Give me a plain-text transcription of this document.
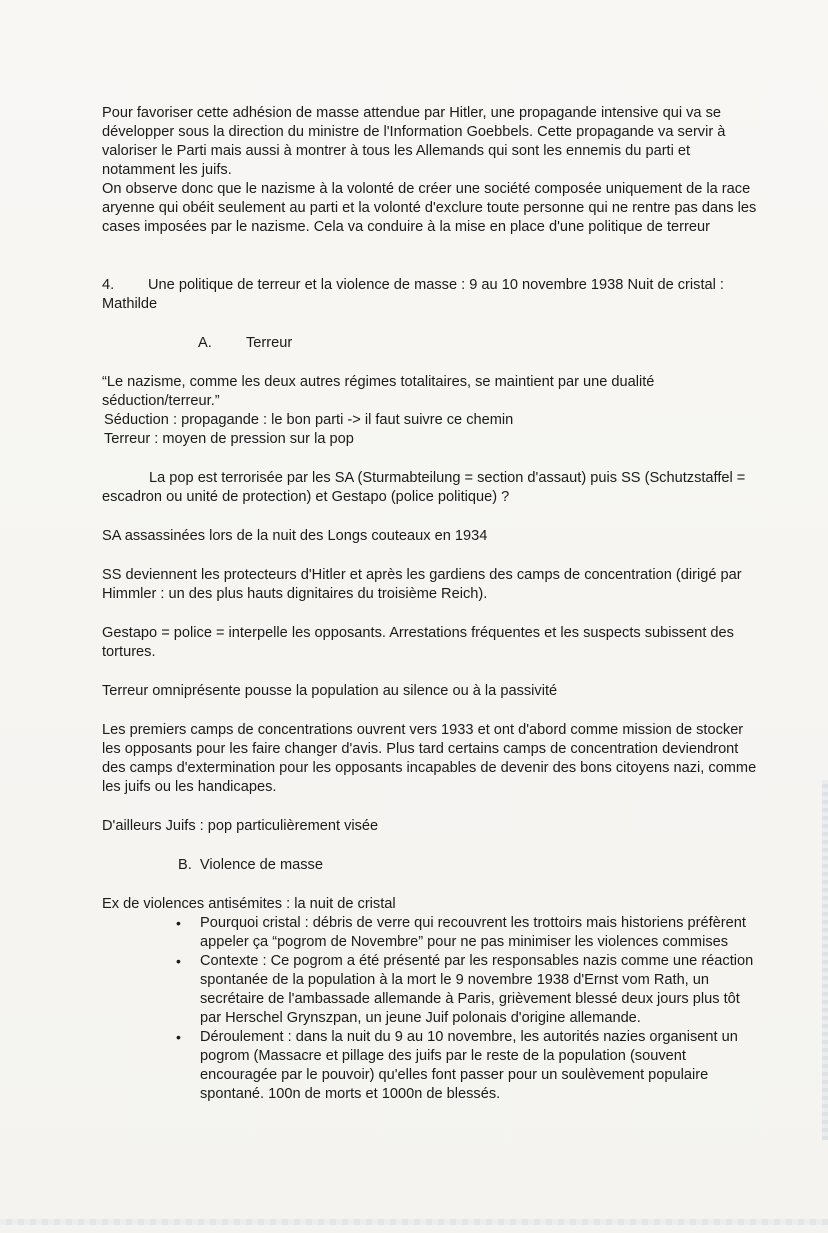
Pour favoriser cette adhésion de masse attendue par Hitler, une propagande intensive qui va se développer sous la direction du ministre de l'Information Goebbels. Cette propagande va servir à valoriser le Parti mais aussi à montrer à tous les Allemands qui sont les ennemis du parti et notamment les juifs.

On observe donc que le nazisme à la volonté de créer une société composée uniquement de la race aryenne qui obéit seulement au parti et la volonté d'exclure toute personne qui ne rentre pas dans les cases imposées par le nazisme. Cela va conduire à la mise en place d'une politique de terreur

4. Une politique de terreur et la violence de masse : 9 au 10 novembre 1938 Nuit de cristal : Mathilde

A. Terreur

“Le nazisme, comme les deux autres régimes totalitaires, se maintient par une dualité séduction/terreur.”

Séduction : propagande : le bon parti -> il faut suivre ce chemin

Terreur : moyen de pression sur la pop

La pop est terrorisée par les SA (Sturmabteilung = section d'assaut) puis SS (Schutzstaffel = escadron ou unité de protection) et Gestapo (police politique) ?

SA assassinées lors de la nuit des Longs couteaux en 1934

SS deviennent les protecteurs d'Hitler et après les gardiens des camps de concentration (dirigé par Himmler : un des plus hauts dignitaires du troisième Reich).

Gestapo = police = interpelle les opposants. Arrestations fréquentes et les suspects subissent des tortures.

Terreur omniprésente pousse la population au silence ou à la passivité

Les premiers camps de concentrations ouvrent vers 1933 et ont d'abord comme mission de stocker les opposants pour les faire changer d'avis. Plus tard certains camps de concentration deviendront des camps d'extermination pour les opposants incapables de devenir des bons citoyens nazi, comme les juifs ou les handicapes.

D'ailleurs Juifs : pop particulièrement visée

B. Violence de masse

Ex de violences antisémites : la nuit de cristal

• Pourquoi cristal : débris de verre qui recouvrent les trottoirs mais historiens préfèrent appeler ça “pogrom de Novembre” pour ne pas minimiser les violences commises
• Contexte : Ce pogrom a été présenté par les responsables nazis comme une réaction spontanée de la population à la mort le 9 novembre 1938 d'Ernst vom Rath, un secrétaire de l'ambassade allemande à Paris, grièvement blessé deux jours plus tôt par Herschel Grynszpan, un jeune Juif polonais d'origine allemande.
• Déroulement : dans la nuit du 9 au 10 novembre, les autorités nazies organisent un pogrom (Massacre et pillage des juifs par le reste de la population (souvent encouragée par le pouvoir) qu'elles font passer pour un soulèvement populaire spontané. 100n de morts et 1000n de blessés.
